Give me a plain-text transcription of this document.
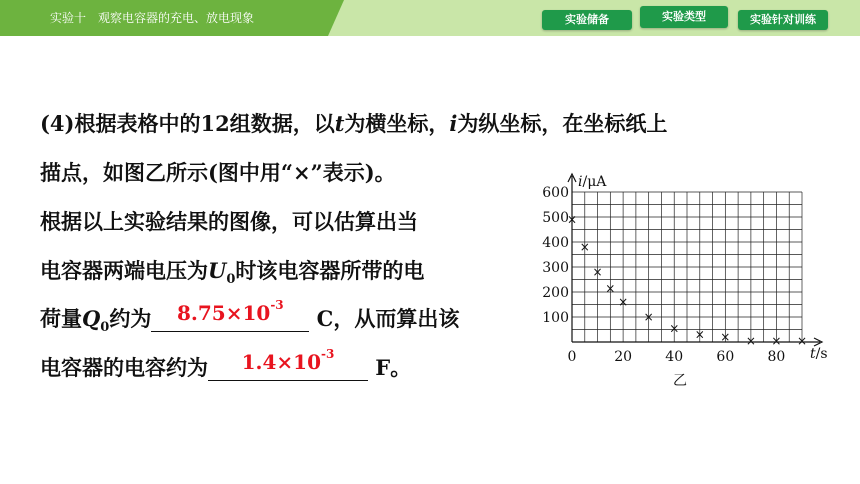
实验十　观察电容器的充电、放电现象	实验储备	实验类型	实验针对训练
(4)根据表格中的12组数据，以t为横坐标，i为纵坐标，在坐标纸上
描点，如图乙所示(图中用“×”表示)。
根据以上实验结果的图像，可以估算出当
电容器两端电压为$U_0$时该电容器所带的电
荷量$Q_0$约为 $8.75\times 10^{-3}$ C，从而算出该
电容器的电容约为 $1.4\times 10^{-3}$ F。
100
200
300
400
500
600
0	20 40 60 80
×
×
×
×
×
×
× × × × × ×
i/μA
t/s
乙
